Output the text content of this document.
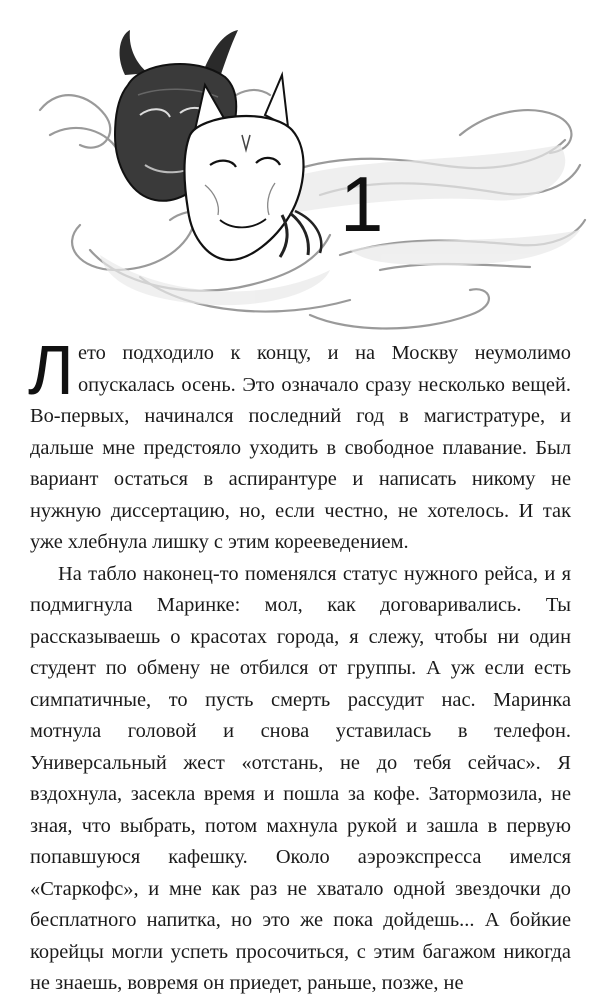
1

Лето подходило к концу, и на Москву неумолимо опускалась осень. Это означало сразу несколько вещей. Во-первых, начинался последний год в магистратуре, и дальше мне предстояло уходить в свободное плавание. Был вариант остаться в аспирантуре и написать никому не нужную диссертацию, но, если честно, не хотелось. И так уже хлебнула лишку с этим корееведением.

На табло наконец-то поменялся статус нужного рейса, и я подмигнула Маринке: мол, как договаривались. Ты рассказываешь о красотах города, я слежу, чтобы ни один студент по обмену не отбился от группы. А уж если есть симпатичные, то пусть смерть рассудит нас. Маринка мотнула головой и снова уставилась в телефон. Универсальный жест «отстань, не до тебя сейчас». Я вздохнула, засекла время и пошла за кофе. Затормозила, не зная, что выбрать, потом махнула рукой и зашла в первую попавшуюся кафешку. Около аэроэкспресса имелся «Старкофс», и мне как раз не хватало одной звездочки до бесплатного напитка, но это же пока дойдешь... А бойкие корейцы могли успеть просочиться, с этим багажом никогда не знаешь, вовремя он приедет, раньше, позже, не
